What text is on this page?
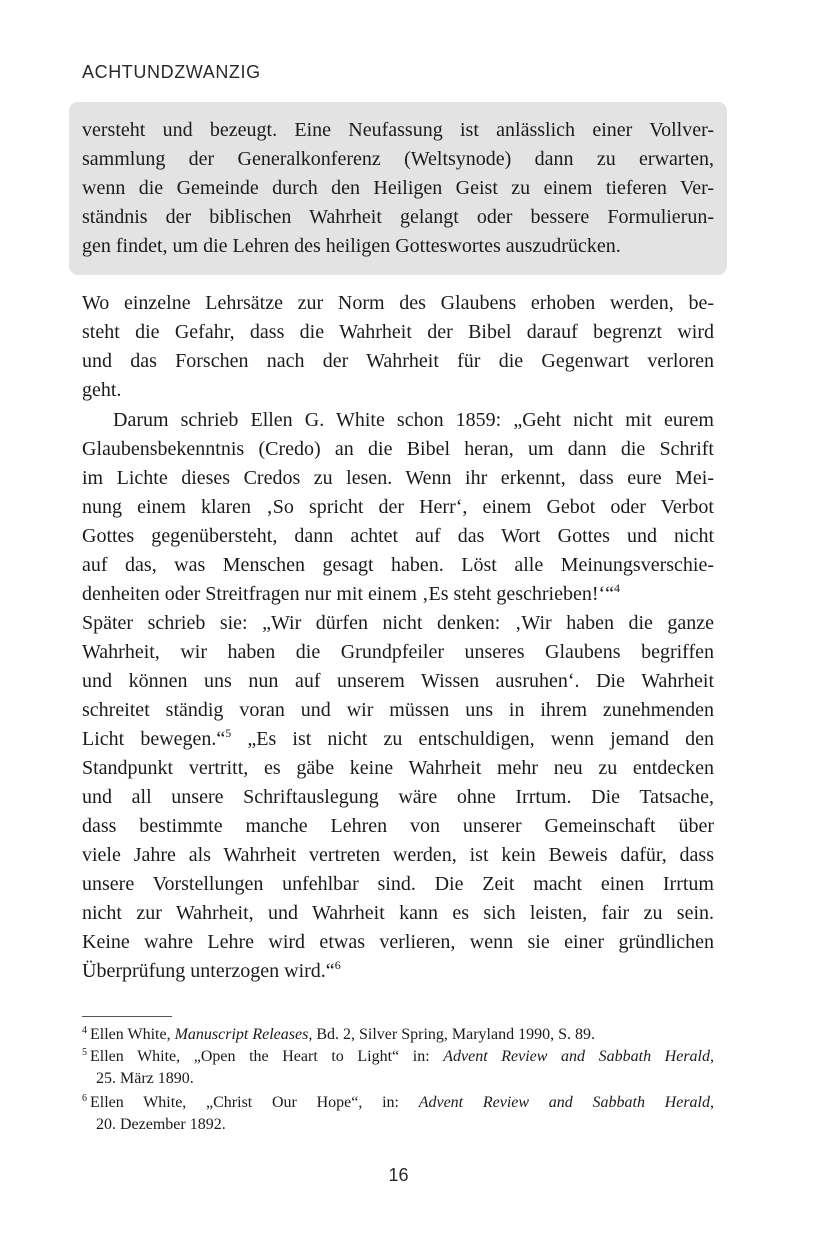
ACHTUNDZWANZIG
versteht und bezeugt. Eine Neufassung ist anlässlich einer Vollver-
sammlung der Generalkonferenz (Weltsynode) dann zu erwarten,
wenn die Gemeinde durch den Heiligen Geist zu einem tieferen Ver-
ständnis der biblischen Wahrheit gelangt oder bessere Formulierun-
gen findet, um die Lehren des heiligen Gotteswortes auszudrücken.
Wo einzelne Lehrsätze zur Norm des Glaubens erhoben werden, be-
steht die Gefahr, dass die Wahrheit der Bibel darauf begrenzt wird
und das Forschen nach der Wahrheit für die Gegenwart verloren
geht.
Darum schrieb Ellen G. White schon 1859: „Geht nicht mit eurem
Glaubensbekenntnis (Credo) an die Bibel heran, um dann die Schrift
im Lichte dieses Credos zu lesen. Wenn ihr erkennt, dass eure Mei-
nung einem klaren ‚So spricht der Herr‘, einem Gebot oder Verbot
Gottes gegenübersteht, dann achtet auf das Wort Gottes und nicht
auf das, was Menschen gesagt haben. Löst alle Meinungsverschie-
denheiten oder Streitfragen nur mit einem ‚Es steht geschrieben!‘“$^4$
Später schrieb sie: „Wir dürfen nicht denken: ‚Wir haben die ganze
Wahrheit, wir haben die Grundpfeiler unseres Glaubens begriffen
und können uns nun auf unserem Wissen ausruhen‘. Die Wahrheit
schreitet ständig voran und wir müssen uns in ihrem zunehmenden
Licht bewegen.“$^5$ „Es ist nicht zu entschuldigen, wenn jemand den
Standpunkt vertritt, es gäbe keine Wahrheit mehr neu zu entdecken
und all unsere Schriftauslegung wäre ohne Irrtum. Die Tatsache,
dass bestimmte manche Lehren von unserer Gemeinschaft über
viele Jahre als Wahrheit vertreten werden, ist kein Beweis dafür, dass
unsere Vorstellungen unfehlbar sind. Die Zeit macht einen Irrtum
nicht zur Wahrheit, und Wahrheit kann es sich leisten, fair zu sein.
Keine wahre Lehre wird etwas verlieren, wenn sie einer gründlichen
Überprüfung unterzogen wird.“$^6$
$^4$ Ellen White, Manuscript Releases, Bd. 2, Silver Spring, Maryland 1990, S. 89.
$^5$ Ellen White, „Open the Heart to Light“ in: Advent Review and Sabbath Herald,
25. März 1890.
$^6$ Ellen White, „Christ Our Hope“, in: Advent Review and Sabbath Herald,
20. Dezember 1892.
16
